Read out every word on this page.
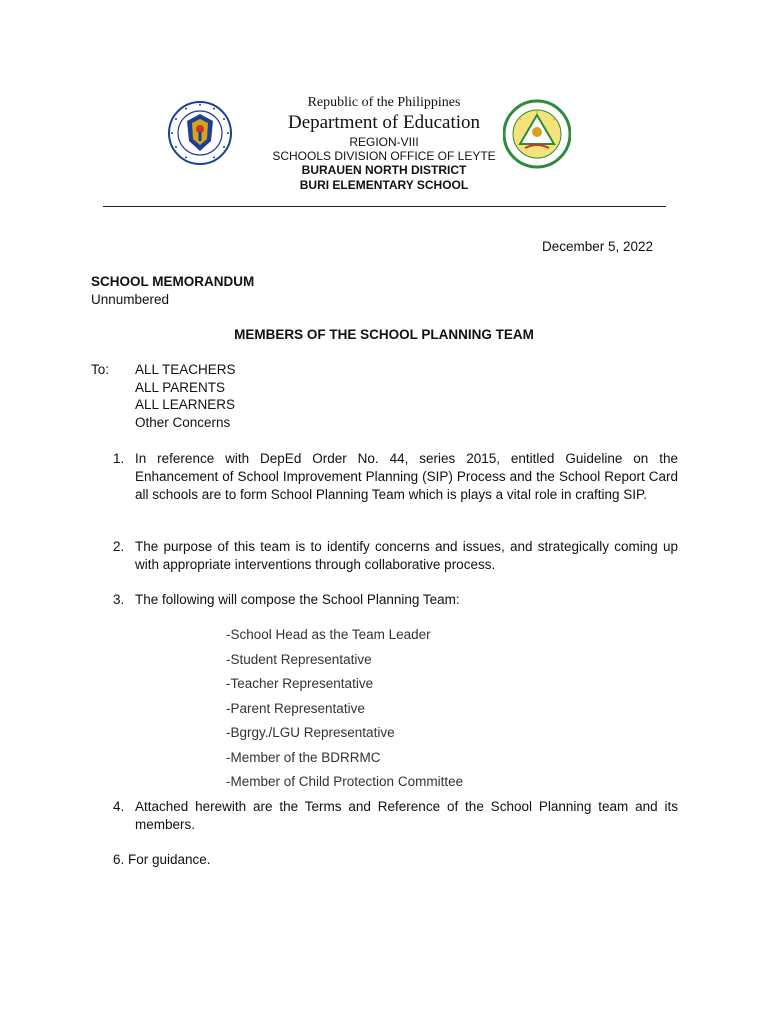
Republic of the Philippines
Department of Education
REGION-VIII
SCHOOLS DIVISION OFFICE OF LEYTE
BURAUEN NORTH DISTRICT
BURI ELEMENTARY SCHOOL
December 5, 2022
SCHOOL MEMORANDUM
Unnumbered
MEMBERS OF THE SCHOOL PLANNING TEAM
To: ALL TEACHERS
ALL PARENTS
ALL LEARNERS
Other Concerns
1. In reference with DepEd Order No. 44, series 2015, entitled Guideline on the Enhancement of School Improvement Planning (SIP) Process and the School Report Card all schools are to form School Planning Team which is plays a vital role in crafting SIP.
2. The purpose of this team is to identify concerns and issues, and strategically coming up with appropriate interventions through collaborative process.
3. The following will compose the School Planning Team:
-School Head as the Team Leader
-Student Representative
-Teacher Representative
-Parent Representative
-Bgrgy./LGU Representative
-Member of the BDRRMC
-Member of Child Protection Committee
4. Attached herewith are the Terms and Reference of the School Planning team and its members.
6. For guidance.
